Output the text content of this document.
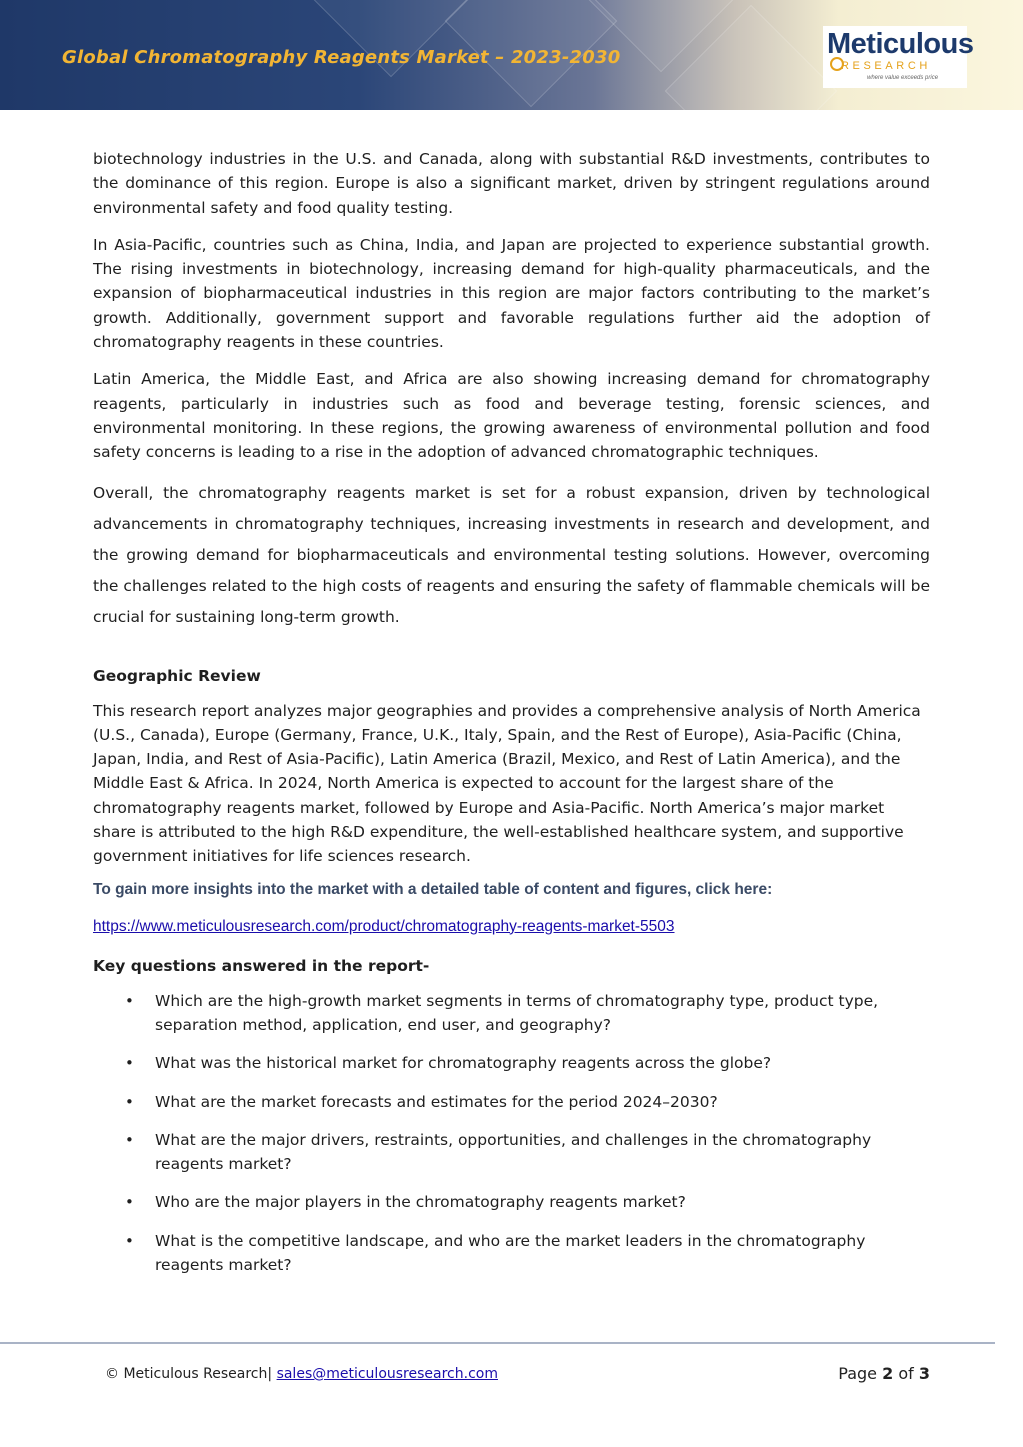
Global Chromatography Reagents Market – 2023-2030	Meticulous
RESEARCH
where value exceeds price

biotechnology industries in the U.S. and Canada, along with substantial R&D investments, contributes to the dominance of this region. Europe is also a significant market, driven by stringent regulations around environmental safety and food quality testing.

In Asia-Pacific, countries such as China, India, and Japan are projected to experience substantial growth. The rising investments in biotechnology, increasing demand for high-quality pharmaceuticals, and the expansion of biopharmaceutical industries in this region are major factors contributing to the market’s growth. Additionally, government support and favorable regulations further aid the adoption of chromatography reagents in these countries.

Latin America, the Middle East, and Africa are also showing increasing demand for chromatography reagents, particularly in industries such as food and beverage testing, forensic sciences, and environmental monitoring. In these regions, the growing awareness of environmental pollution and food safety concerns is leading to a rise in the adoption of advanced chromatographic techniques.

Overall, the chromatography reagents market is set for a robust expansion, driven by technological advancements in chromatography techniques, increasing investments in research and development, and the growing demand for biopharmaceuticals and environmental testing solutions. However, overcoming the challenges related to the high costs of reagents and ensuring the safety of flammable chemicals will be crucial for sustaining long-term growth.

Geographic Review

This research report analyzes major geographies and provides a comprehensive analysis of North America (U.S., Canada), Europe (Germany, France, U.K., Italy, Spain, and the Rest of Europe), Asia-Pacific (China, Japan, India, and Rest of Asia-Pacific), Latin America (Brazil, Mexico, and Rest of Latin America), and the Middle East & Africa. In 2024, North America is expected to account for the largest share of the chromatography reagents market, followed by Europe and Asia-Pacific. North America’s major market share is attributed to the high R&D expenditure, the well-established healthcare system, and supportive government initiatives for life sciences research.

To gain more insights into the market with a detailed table of content and figures, click here:

https://www.meticulousresearch.com/product/chromatography-reagents-market-5503
Key questions answered in the report-
• Which are the high-growth market segments in terms of chromatography type, product type, separation method, application, end user, and geography?
• What was the historical market for chromatography reagents across the globe?
• What are the market forecasts and estimates for the period 2024–2030?
• What are the major drivers, restraints, opportunities, and challenges in the chromatography reagents market?
• Who are the major players in the chromatography reagents market?
• What is the competitive landscape, and who are the market leaders in the chromatography reagents market?
© Meticulous Research| sales@meticulousresearch.com	Page 2 of 3
